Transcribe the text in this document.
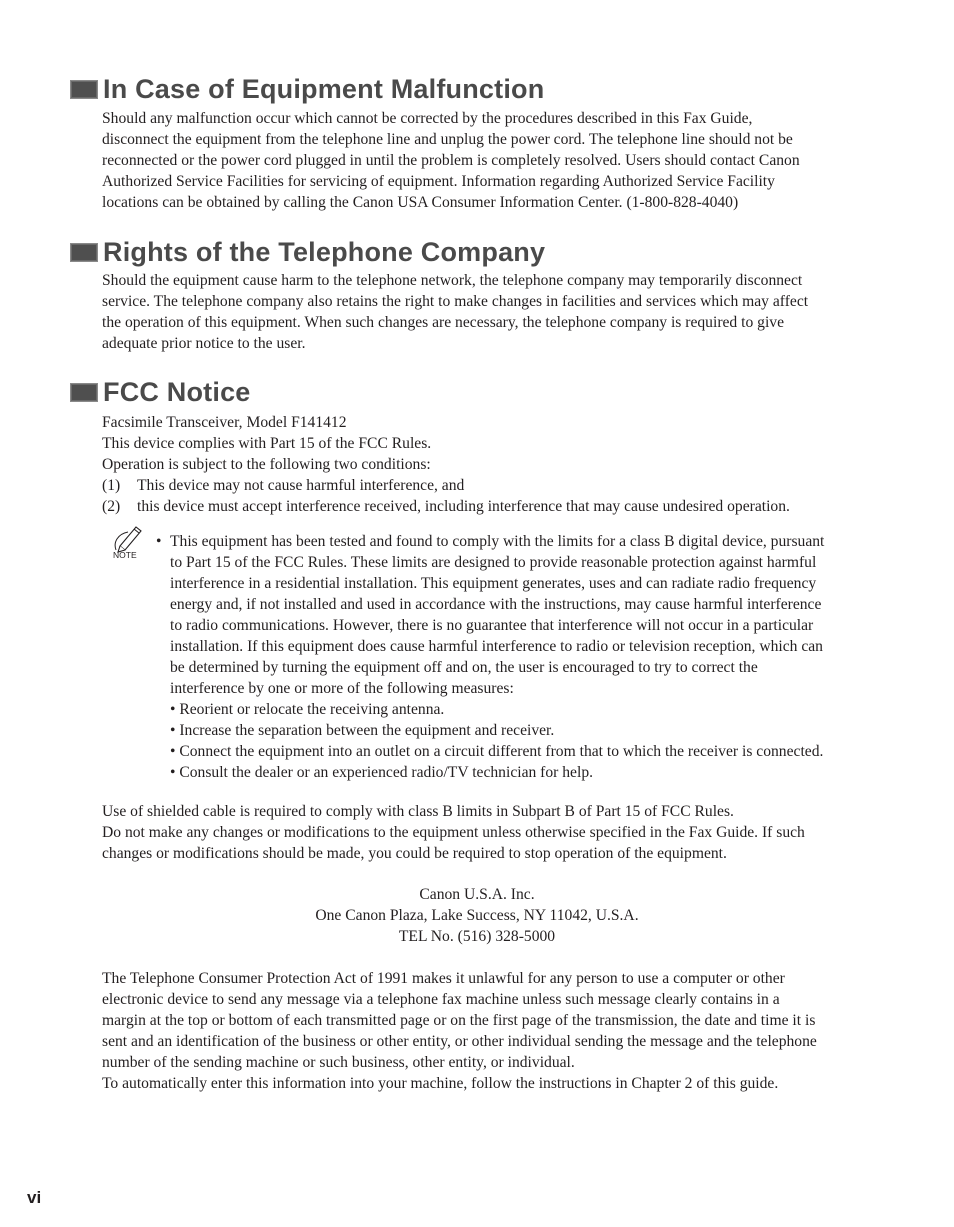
In Case of Equipment Malfunction
Should any malfunction occur which cannot be corrected by the procedures described in this Fax Guide,
disconnect the equipment from the telephone line and unplug the power cord. The telephone line should not be
reconnected or the power cord plugged in until the problem is completely resolved. Users should contact Canon
Authorized Service Facilities for servicing of equipment. Information regarding Authorized Service Facility
locations can be obtained by calling the Canon USA Consumer Information Center. (1-800-828-4040)
Rights of the Telephone Company
Should the equipment cause harm to the telephone network, the telephone company may temporarily disconnect
service. The telephone company also retains the right to make changes in facilities and services which may affect
the operation of this equipment. When such changes are necessary, the telephone company is required to give
adequate prior notice to the user.
FCC Notice
Facsimile Transceiver, Model F141412
This device complies with Part 15 of the FCC Rules.
Operation is subject to the following two conditions:
(1) This device may not cause harmful interference, and
(2) this device must accept interference received, including interference that may cause undesired operation.
NOTE
• This equipment has been tested and found to comply with the limits for a class B digital device, pursuant
to Part 15 of the FCC Rules. These limits are designed to provide reasonable protection against harmful
interference in a residential installation. This equipment generates, uses and can radiate radio frequency
energy and, if not installed and used in accordance with the instructions, may cause harmful interference
to radio communications. However, there is no guarantee that interference will not occur in a particular
installation. If this equipment does cause harmful interference to radio or television reception, which can
be determined by turning the equipment off and on, the user is encouraged to try to correct the
interference by one or more of the following measures:
• Reorient or relocate the receiving antenna.
• Increase the separation between the equipment and receiver.
• Connect the equipment into an outlet on a circuit different from that to which the receiver is connected.
• Consult the dealer or an experienced radio/TV technician for help.
Use of shielded cable is required to comply with class B limits in Subpart B of Part 15 of FCC Rules.
Do not make any changes or modifications to the equipment unless otherwise specified in the Fax Guide. If such
changes or modifications should be made, you could be required to stop operation of the equipment.
Canon U.S.A. Inc.
One Canon Plaza, Lake Success, NY 11042, U.S.A.
TEL No. (516) 328-5000
The Telephone Consumer Protection Act of 1991 makes it unlawful for any person to use a computer or other
electronic device to send any message via a telephone fax machine unless such message clearly contains in a
margin at the top or bottom of each transmitted page or on the first page of the transmission, the date and time it is
sent and an identification of the business or other entity, or other individual sending the message and the telephone
number of the sending machine or such business, other entity, or individual.
To automatically enter this information into your machine, follow the instructions in Chapter 2 of this guide.
vi
